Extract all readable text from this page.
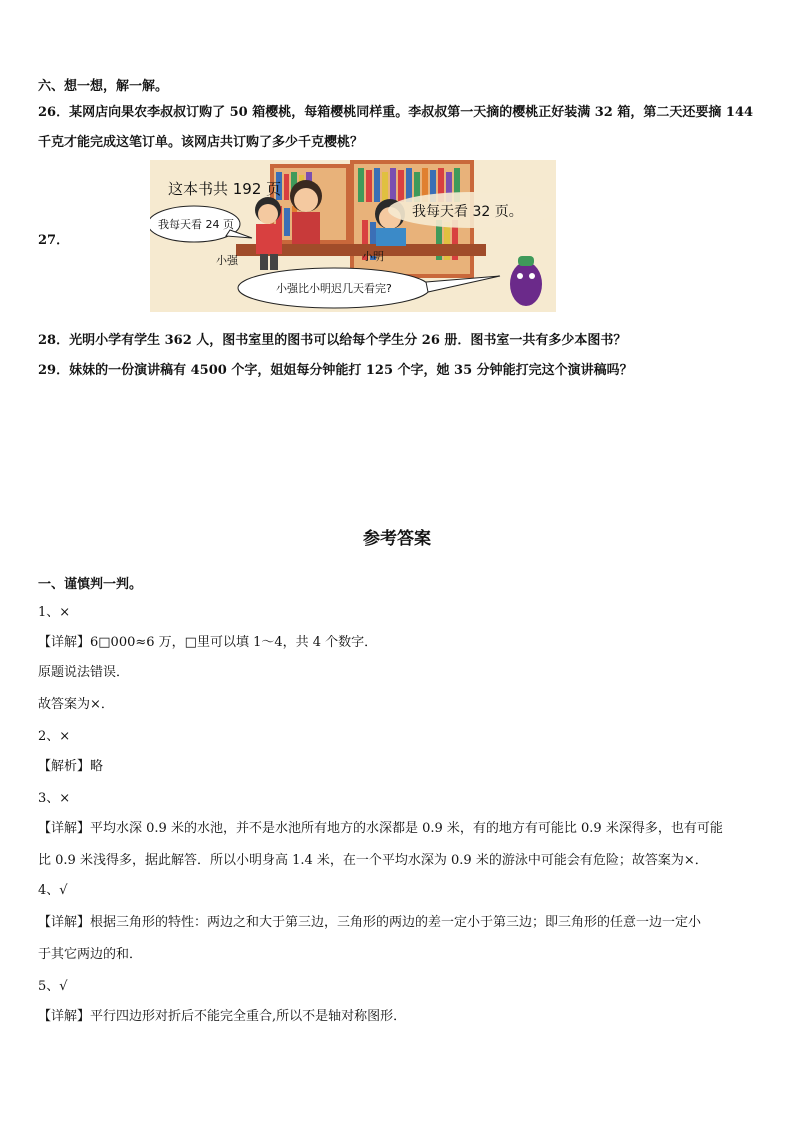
六、想一想，解一解。
26．某网店向果农李叔叔订购了 50 箱樱桃，每箱樱桃同样重。李叔叔第一天摘的樱桃正好装满 32 箱，第二天还要摘 144
千克才能完成这笔订单。该网店共订购了多少千克樱桃？
27．
这本书共 192 页
我每天看 24 页
我每天看 32 页。
小强	小明
小强比小明迟几天看完?
28．光明小学有学生 362 人，图书室里的图书可以给每个学生分 26 册．图书室一共有多少本图书？
29．妹妹的一份演讲稿有 4500 个字，姐姐每分钟能打 125 个字，她 35 分钟能打完这个演讲稿吗？
参考答案
一、谨慎判一判。
1、×
【详解】6□000≈6 万，□里可以填 1～4，共 4 个数字．
原题说法错误．
故答案为×．
2、×
【解析】略
3、×
【详解】平均水深 0.9 米的水池，并不是水池所有地方的水深都是 0.9 米，有的地方有可能比 0.9 米深得多，也有可能
比 0.9 米浅得多，据此解答．所以小明身高 1.4 米，在一个平均水深为 0.9 米的游泳中可能会有危险；故答案为×．
4、√
【详解】根据三角形的特性：两边之和大于第三边，三角形的两边的差一定小于第三边；即三角形的任意一边一定小
于其它两边的和．
5、√
【详解】平行四边形对折后不能完全重合,所以不是轴对称图形．
